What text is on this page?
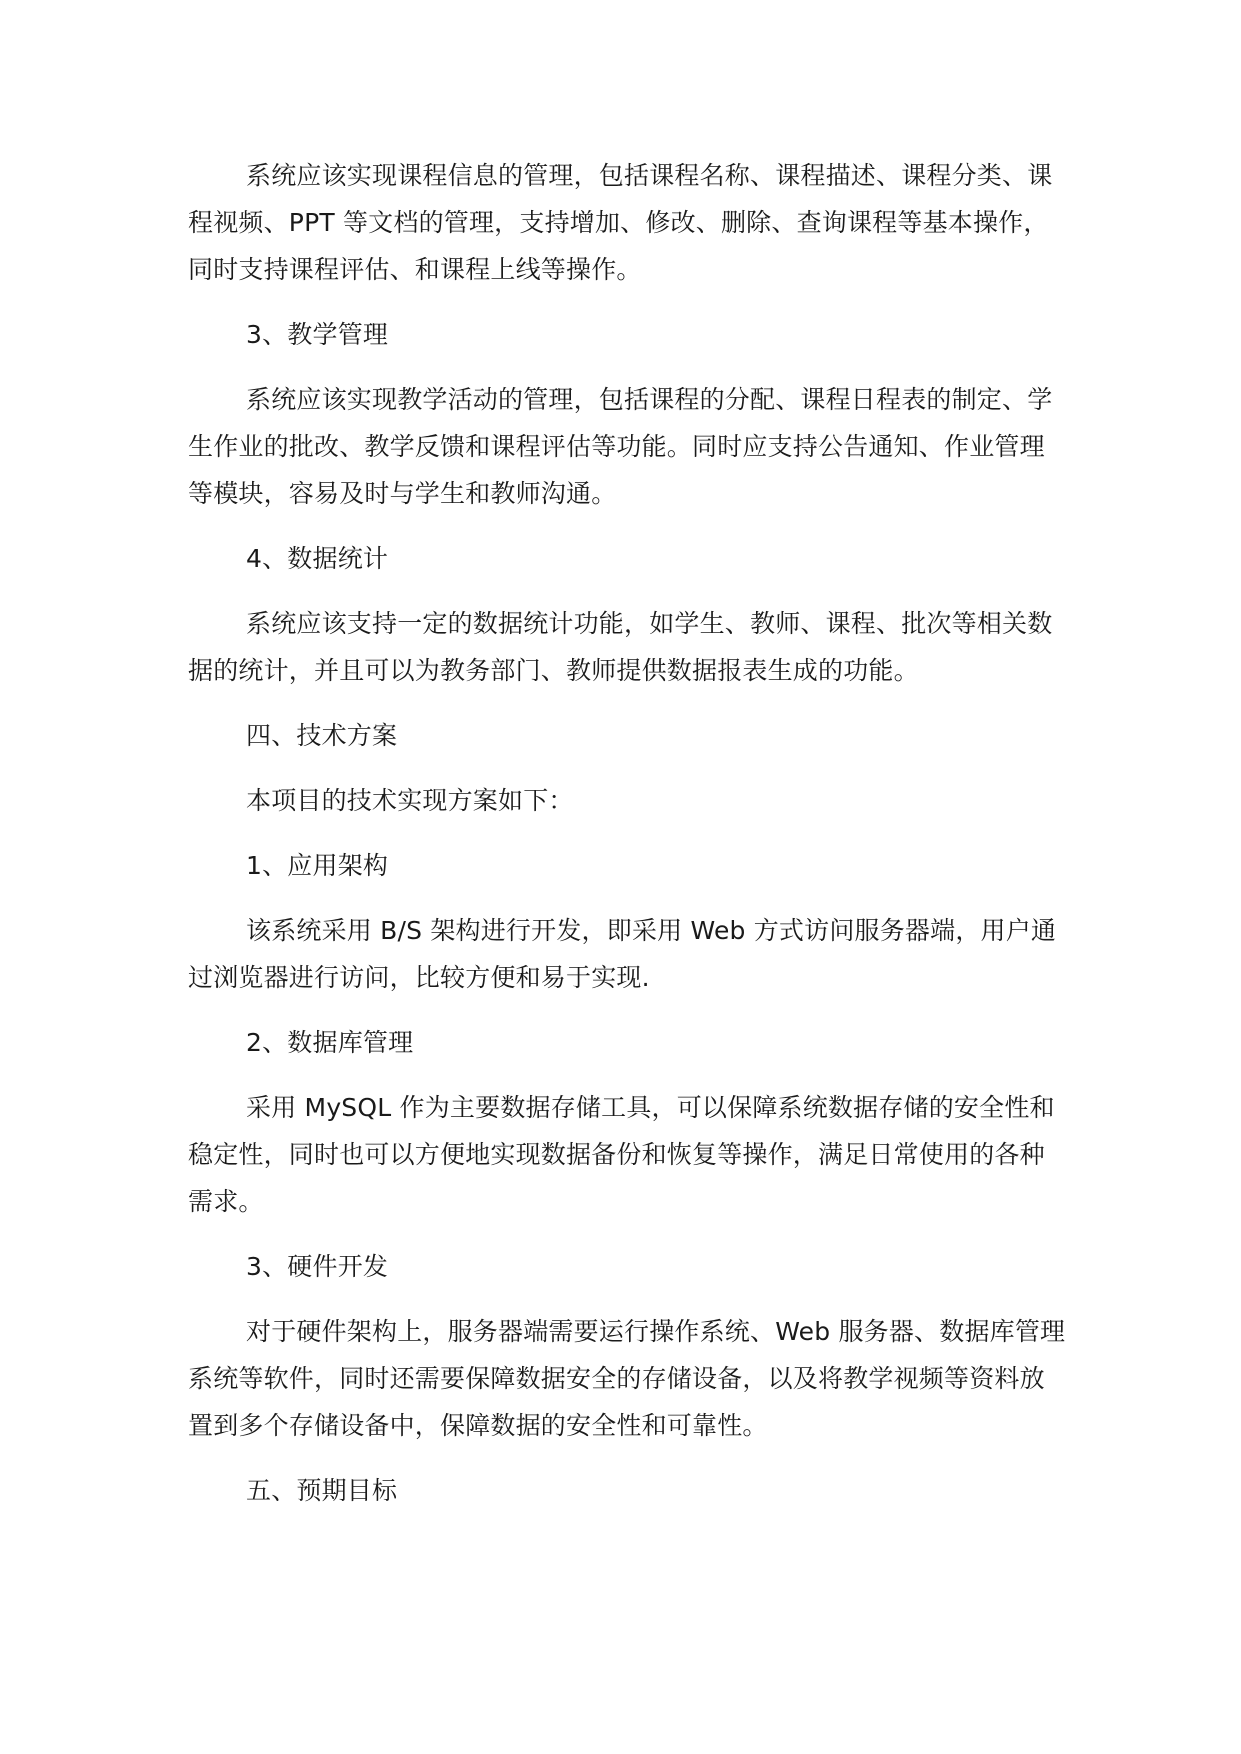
系统应该实现课程信息的管理，包括课程名称、课程描述、课程分类、课程视频、PPT 等文档的管理，支持增加、修改、删除、查询课程等基本操作，同时支持课程评估、和课程上线等操作。

3、教学管理

系统应该实现教学活动的管理，包括课程的分配、课程日程表的制定、学生作业的批改、教学反馈和课程评估等功能。同时应支持公告通知、作业管理等模块，容易及时与学生和教师沟通。

4、数据统计

系统应该支持一定的数据统计功能，如学生、教师、课程、批次等相关数据的统计，并且可以为教务部门、教师提供数据报表生成的功能。

四、技术方案

本项目的技术实现方案如下：

1、应用架构

该系统采用 B/S 架构进行开发，即采用 Web 方式访问服务器端，用户通过浏览器进行访问，比较方便和易于实现.

2、数据库管理

采用 MySQL 作为主要数据存储工具，可以保障系统数据存储的安全性和稳定性，同时也可以方便地实现数据备份和恢复等操作，满足日常使用的各种需求。

3、硬件开发

对于硬件架构上，服务器端需要运行操作系统、Web 服务器、数据库管理系统等软件，同时还需要保障数据安全的存储设备，以及将教学视频等资料放置到多个存储设备中，保障数据的安全性和可靠性。

五、预期目标
